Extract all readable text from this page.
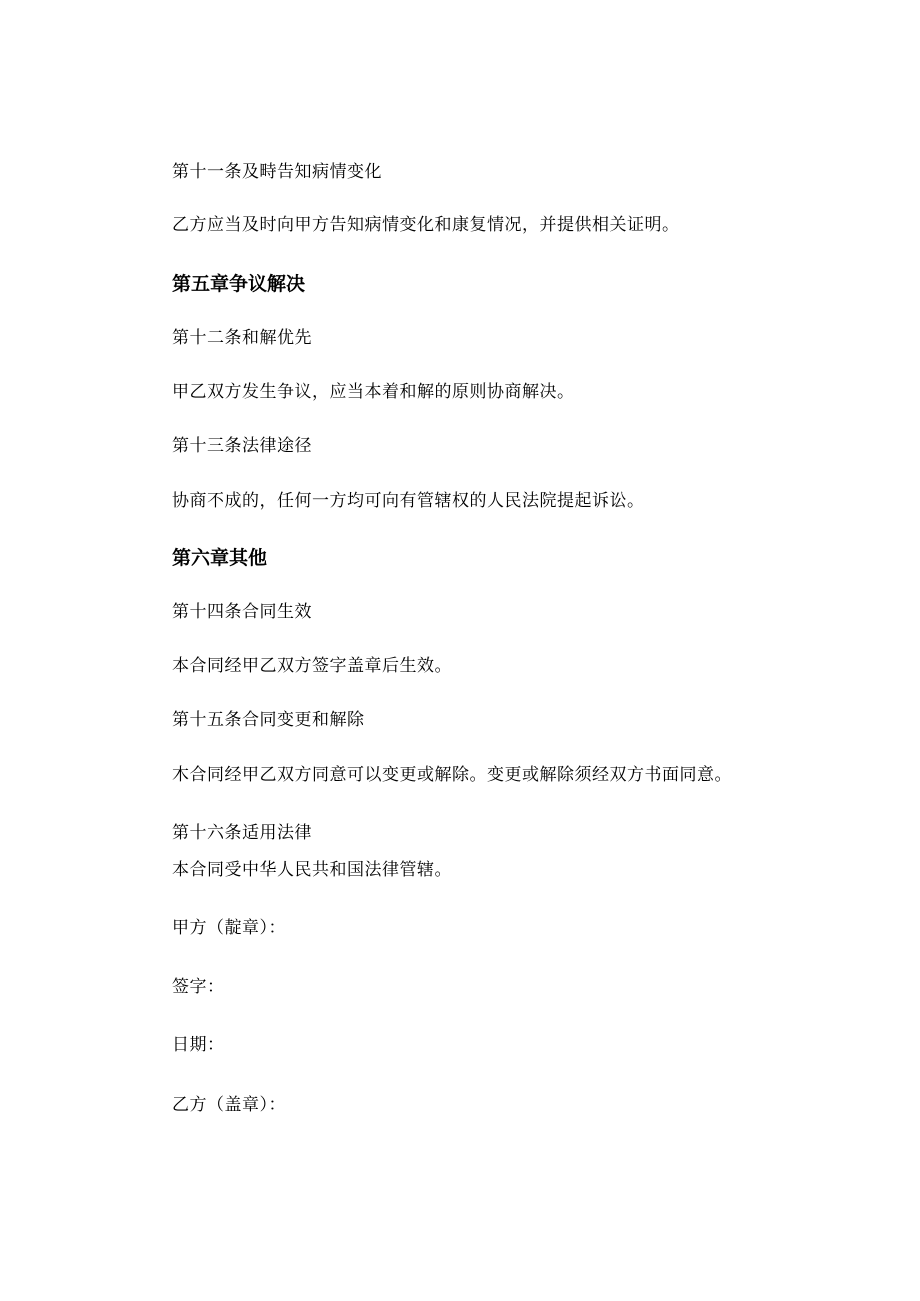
第十一条及畤告知病情变化
乙方应当及时向甲方告知病情变化和康复情况，并提供相关证明。
第五章争议解决
第十二条和解优先
甲乙双方发生争议，应当本着和解的原则协商解决。
第十三条法律途径
协商不成的，任何一方均可向有管辖权的人民法院提起诉讼。
第六章其他
第十四条合同生效
本合同经甲乙双方签字盖章后生效。
第十五条合同变更和解除
木合同经甲乙双方同意可以变更或解除。变更或解除须经双方书面同意。
第十六条适用法律
本合同受中华人民共和国法律管辖。
甲方（靛章）：
签字：
日期：
乙方（盖章）：
